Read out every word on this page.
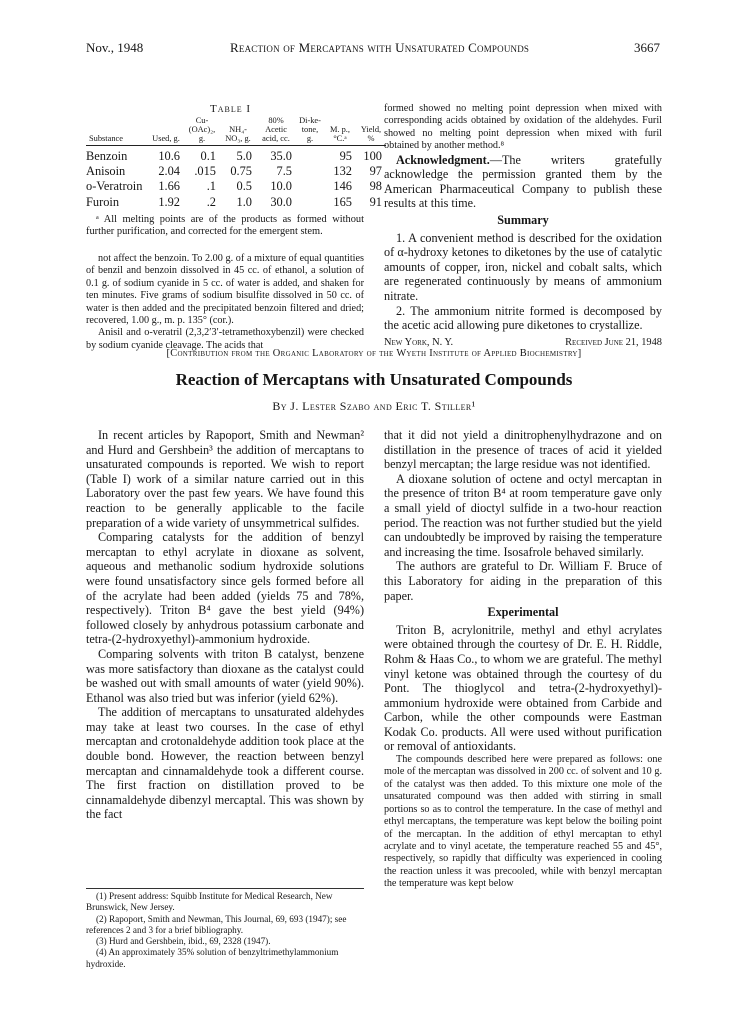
Nov., 1948	Reaction of Mercaptans with Unsaturated Compounds	3667
Table I
Substance	Used, g.	Cu-(OAc)₂, g.	NH₄-NO₃, g.	80% Acetic acid, cc.	Di-ke-tone, g.	M. p., °C.ᵃ	Yield, %
Benzoin	10.6	0.1	5.0	35.0		95	100
Anisoin	2.04	.015	0.75	7.5		132	97
o-Veratroin	1.66	.1	0.5	10.0		146	98
Furoin	1.92	.2	1.0	30.0		165	91

ᵃ All melting points are of the products as formed without further purification, and corrected for the emergent stem.

not affect the benzoin. To 2.00 g. of a mixture of equal quantities of benzil and benzoin dissolved in 45 cc. of ethanol, a solution of 0.1 g. of sodium cyanide in 5 cc. of water is added, and shaken for ten minutes. Five grams of sodium bisulfite dissolved in 50 cc. of water is then added and the precipitated benzoin filtered and dried; recovered, 1.00 g., m. p. 135° (cor.).

Anisil and o-veratril (2,3,2′3′-tetramethoxybenzil) were checked by sodium cyanide cleavage. The acids that

formed showed no melting point depression when mixed with corresponding acids obtained by oxidation of the aldehydes. Furil showed no melting point depression when mixed with furil obtained by another method.⁸

Acknowledgment.—The writers gratefully acknowledge the permission granted them by the American Pharmaceutical Company to publish these results at this time.

Summary

1. A convenient method is described for the oxidation of α-hydroxy ketones to diketones by the use of catalytic amounts of copper, iron, nickel and cobalt salts, which are regenerated continuously by means of ammonium nitrate.

2. The ammonium nitrite formed is decomposed by the acetic acid allowing pure diketones to crystallize.

New York, N. Y.	Received June 21, 1948
[Contribution from the Organic Laboratory of the Wyeth Institute of Applied Biochemistry]
Reaction of Mercaptans with Unsaturated Compounds
By J. Lester Szabo and Eric T. Stiller¹

In recent articles by Rapoport, Smith and Newman² and Hurd and Gershbein³ the addition of mercaptans to unsaturated compounds is reported. We wish to report (Table I) work of a similar nature carried out in this Laboratory over the past few years. We have found this reaction to be generally applicable to the facile preparation of a wide variety of unsymmetrical sulfides.

Comparing catalysts for the addition of benzyl mercaptan to ethyl acrylate in dioxane as solvent, aqueous and methanolic sodium hydroxide solutions were found unsatisfactory since gels formed before all of the acrylate had been added (yields 75 and 78%, respectively). Triton B⁴ gave the best yield (94%) followed closely by anhydrous potassium carbonate and tetra-(2-hydroxyethyl)-ammonium hydroxide.

Comparing solvents with triton B catalyst, benzene was more satisfactory than dioxane as the catalyst could be washed out with small amounts of water (yield 90%). Ethanol was also tried but was inferior (yield 62%).

The addition of mercaptans to unsaturated aldehydes may take at least two courses. In the case of ethyl mercaptan and crotonaldehyde addition took place at the double bond. However, the reaction between benzyl mercaptan and cinnamaldehyde took a different course. The first fraction on distillation proved to be cinnamaldehyde dibenzyl mercaptal. This was shown by the fact

(1) Present address: Squibb Institute for Medical Research, New Brunswick, New Jersey.

(2) Rapoport, Smith and Newman, This Journal, 69, 693 (1947); see references 2 and 3 for a brief bibliography.

(3) Hurd and Gershbein, ibid., 69, 2328 (1947).

(4) An approximately 35% solution of benzyltrimethylammonium hydroxide.

that it did not yield a dinitrophenylhydrazone and on distillation in the presence of traces of acid it yielded benzyl mercaptan; the large residue was not identified.

A dioxane solution of octene and octyl mercaptan in the presence of triton B⁴ at room temperature gave only a small yield of dioctyl sulfide in a two-hour reaction period. The reaction was not further studied but the yield can undoubtedly be improved by raising the temperature and increasing the time. Isosafrole behaved similarly.

The authors are grateful to Dr. William F. Bruce of this Laboratory for aiding in the preparation of this paper.

Experimental

Triton B, acrylonitrile, methyl and ethyl acrylates were obtained through the courtesy of Dr. E. H. Riddle, Rohm & Haas Co., to whom we are grateful. The methyl vinyl ketone was obtained through the courtesy of du Pont. The thioglycol and tetra-(2-hydroxyethyl)-ammonium hydroxide were obtained from Carbide and Carbon, while the other compounds were Eastman Kodak Co. products. All were used without purification or removal of antioxidants.

The compounds described here were prepared as follows: one mole of the mercaptan was dissolved in 200 cc. of solvent and 10 g. of the catalyst was then added. To this mixture one mole of the unsaturated compound was then added with stirring in small portions so as to control the temperature. In the case of methyl and ethyl mercaptans, the temperature was kept below the boiling point of the mercaptan. In the addition of ethyl mercaptan to ethyl acrylate and to vinyl acetate, the temperature reached 55 and 45°, respectively, so rapidly that difficulty was experienced in cooling the reaction unless it was precooled, while with benzyl mercaptan the temperature was kept below
